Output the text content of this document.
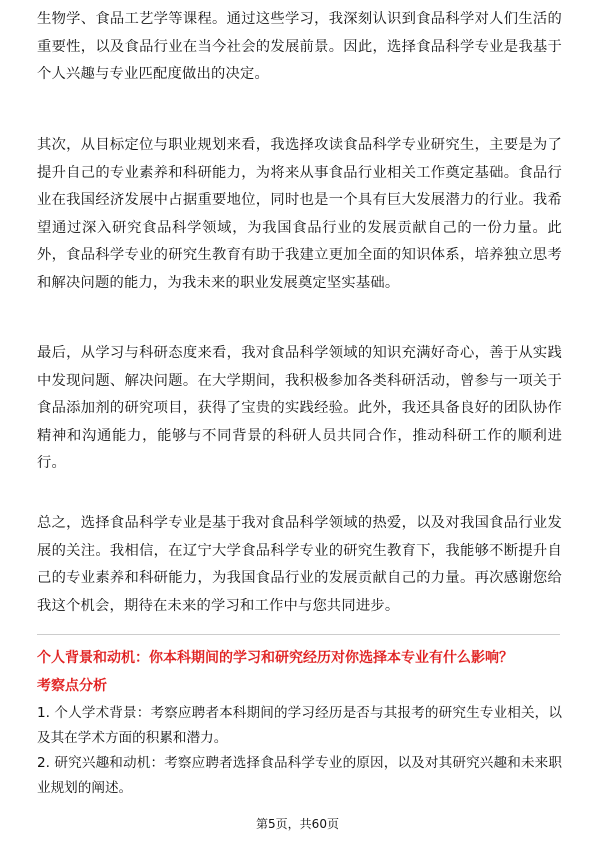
生物学、食品工艺学等课程。通过这些学习，我深刻认识到食品科学对人们生活的重要性，以及食品行业在当今社会的发展前景。因此，选择食品科学专业是我基于个人兴趣与专业匹配度做出的决定。

其次，从目标定位与职业规划来看，我选择攻读食品科学专业研究生，主要是为了提升自己的专业素养和科研能力，为将来从事食品行业相关工作奠定基础。食品行业在我国经济发展中占据重要地位，同时也是一个具有巨大发展潜力的行业。我希望通过深入研究食品科学领域，为我国食品行业的发展贡献自己的一份力量。此外，食品科学专业的研究生教育有助于我建立更加全面的知识体系，培养独立思考和解决问题的能力，为我未来的职业发展奠定坚实基础。

最后，从学习与科研态度来看，我对食品科学领域的知识充满好奇心，善于从实践中发现问题、解决问题。在大学期间，我积极参加各类科研活动，曾参与一项关于食品添加剂的研究项目，获得了宝贵的实践经验。此外，我还具备良好的团队协作精神和沟通能力，能够与不同背景的科研人员共同合作，推动科研工作的顺利进行。

总之，选择食品科学专业是基于我对食品科学领域的热爱，以及对我国食品行业发展的关注。我相信，在辽宁大学食品科学专业的研究生教育下，我能够不断提升自己的专业素养和科研能力，为我国食品行业的发展贡献自己的力量。再次感谢您给我这个机会，期待在未来的学习和工作中与您共同进步。

个人背景和动机：你本科期间的学习和研究经历对你选择本专业有什么影响？

考察点分析

1. 个人学术背景：考察应聘者本科期间的学习经历是否与其报考的研究生专业相关，以及其在学术方面的积累和潜力。
2. 研究兴趣和动机：考察应聘者选择食品科学专业的原因，以及对其研究兴趣和未来职业规划的阐述。
第5页，共60页
